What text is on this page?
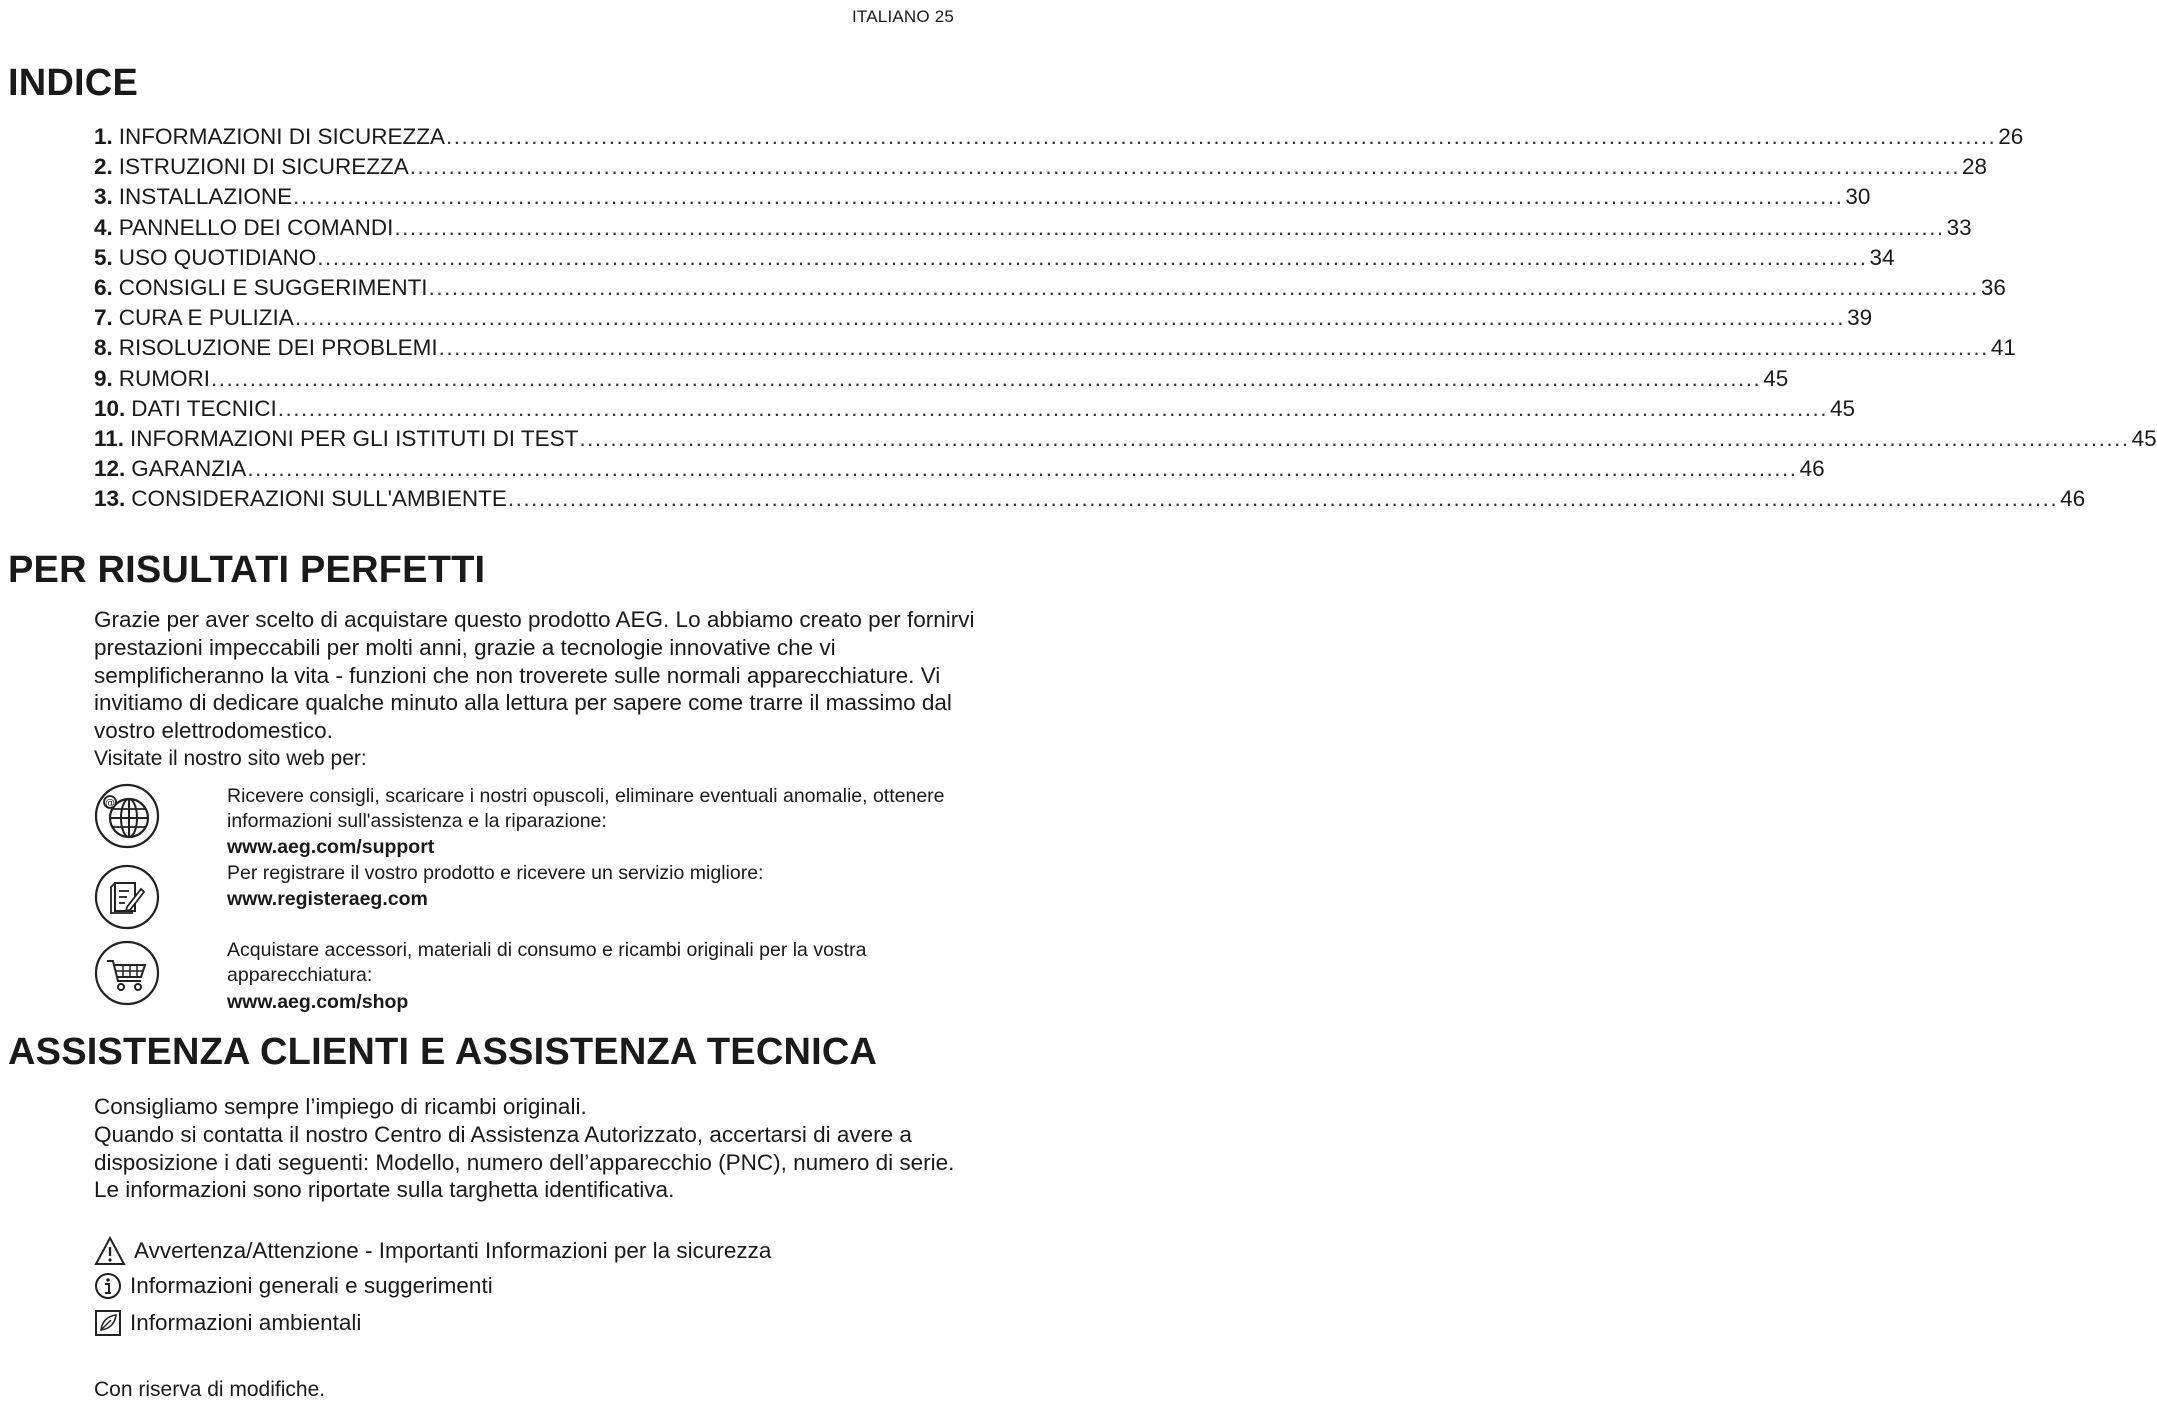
ITALIANO 25
INDICE
1. INFORMAZIONI DI SICUREZZA ........................................................................................................................................................................................................ 26
2. ISTRUZIONI DI SICUREZZA ........................................................................................................................................................................................................ 28
3. INSTALLAZIONE ........................................................................................................................................................................................................ 30
4. PANNELLO DEI COMANDI ........................................................................................................................................................................................................ 33
5. USO QUOTIDIANO ........................................................................................................................................................................................................ 34
6. CONSIGLI E SUGGERIMENTI ........................................................................................................................................................................................................ 36
7. CURA E PULIZIA ........................................................................................................................................................................................................ 39
8. RISOLUZIONE DEI PROBLEMI ........................................................................................................................................................................................................ 41
9. RUMORI ........................................................................................................................................................................................................ 45
10. DATI TECNICI ........................................................................................................................................................................................................ 45
11. INFORMAZIONI PER GLI ISTITUTI DI TEST ........................................................................................................................................................................................................ 45
12. GARANZIA ........................................................................................................................................................................................................ 46
13. CONSIDERAZIONI SULL'AMBIENTE ........................................................................................................................................................................................................ 46
PER RISULTATI PERFETTI

Grazie per aver scelto di acquistare questo prodotto AEG. Lo abbiamo creato per fornirvi prestazioni impeccabili per molti anni, grazie a tecnologie innovative che vi semplificheranno la vita - funzioni che non troverete sulle normali apparecchiature. Vi invitiamo di dedicare qualche minuto alla lettura per sapere come trarre il massimo dal vostro elettrodomestico.

Visitate il nostro sito web per:

@	Ricevere consigli, scaricare i nostri opuscoli, eliminare eventuali anomalie, ottenere informazioni sull'assistenza e la riparazione:

www.aeg.com/support

Per registrare il vostro prodotto e ricevere un servizio migliore:

www.registeraeg.com

Acquistare accessori, materiali di consumo e ricambi originali per la vostra apparecchiatura:

www.aeg.com/shop

ASSISTENZA CLIENTI E ASSISTENZA TECNICA
Consigliamo sempre l’impiego di ricambi originali.
Quando si contatta il nostro Centro di Assistenza Autorizzato, accertarsi di avere a disposizione i dati seguenti: Modello, numero dell’apparecchio (PNC), numero di serie.
Le informazioni sono riportate sulla targhetta identificativa.
Avvertenza/Attenzione - Importanti Informazioni per la sicurezza
Informazioni generali e suggerimenti
Informazioni ambientali

Con riserva di modifiche.
